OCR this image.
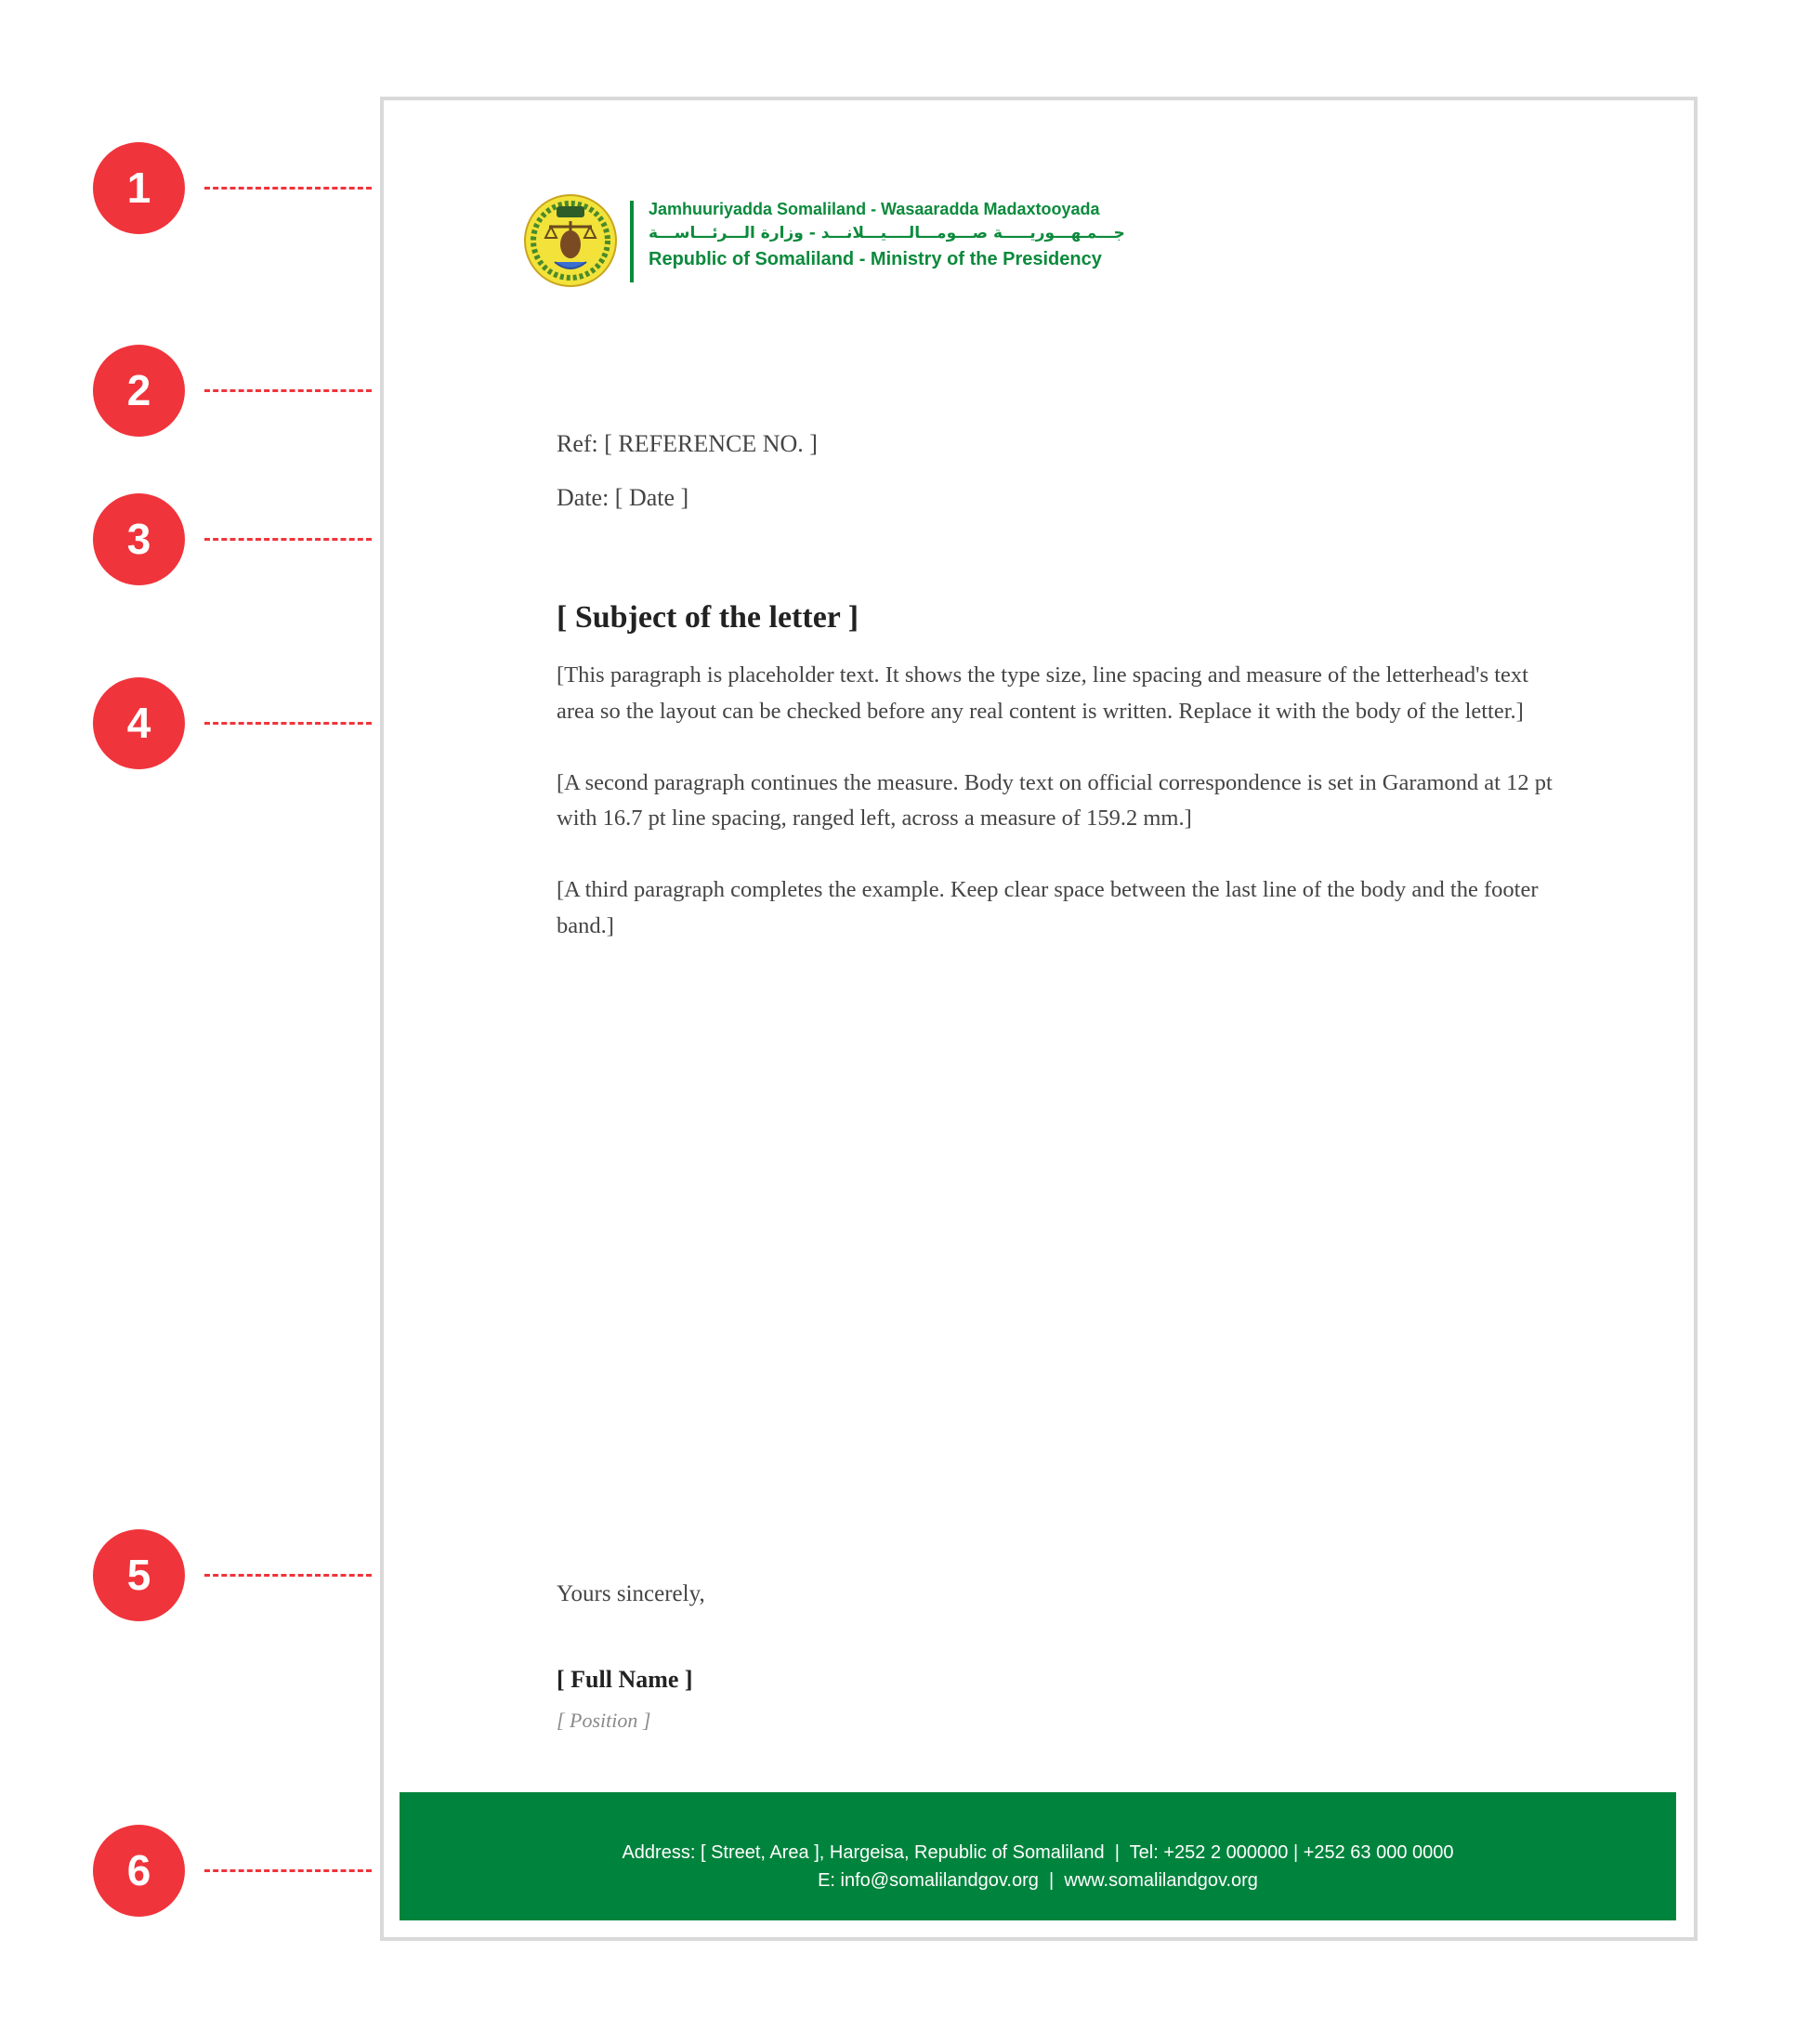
1
2
3
4
5
6
Jamhuuriyadda Somaliland - Wasaaradda Madaxtooyada
جـــمـهـــوريـــــة صـــومـــالــــيـــلانـــد - وزارة الـــرئـــاســـة
Republic of Somaliland - Ministry of the Presidency
Ref: [ REFERENCE NO. ]
Date: [ Date ]
[ Subject of the letter ]

[This paragraph is placeholder text. It shows the type size, line spacing and measure of the letterhead's text area so the layout can be checked before any real content is written. Replace it with the body of the letter.]

[A second paragraph continues the measure. Body text on official correspondence is set in Garamond at 12 pt with 16.7 pt line spacing, ranged left, across a measure of 159.2 mm.]

[A third paragraph completes the example. Keep clear space between the last line of the body and the footer band.]

Yours sincerely,
[ Full Name ]
[ Position ]
Address: [ Street, Area ], Hargeisa, Republic of Somaliland  |  Tel: +252 2 000000 | +252 63 000 0000
E: info@somalilandgov.org  |  www.somalilandgov.org
